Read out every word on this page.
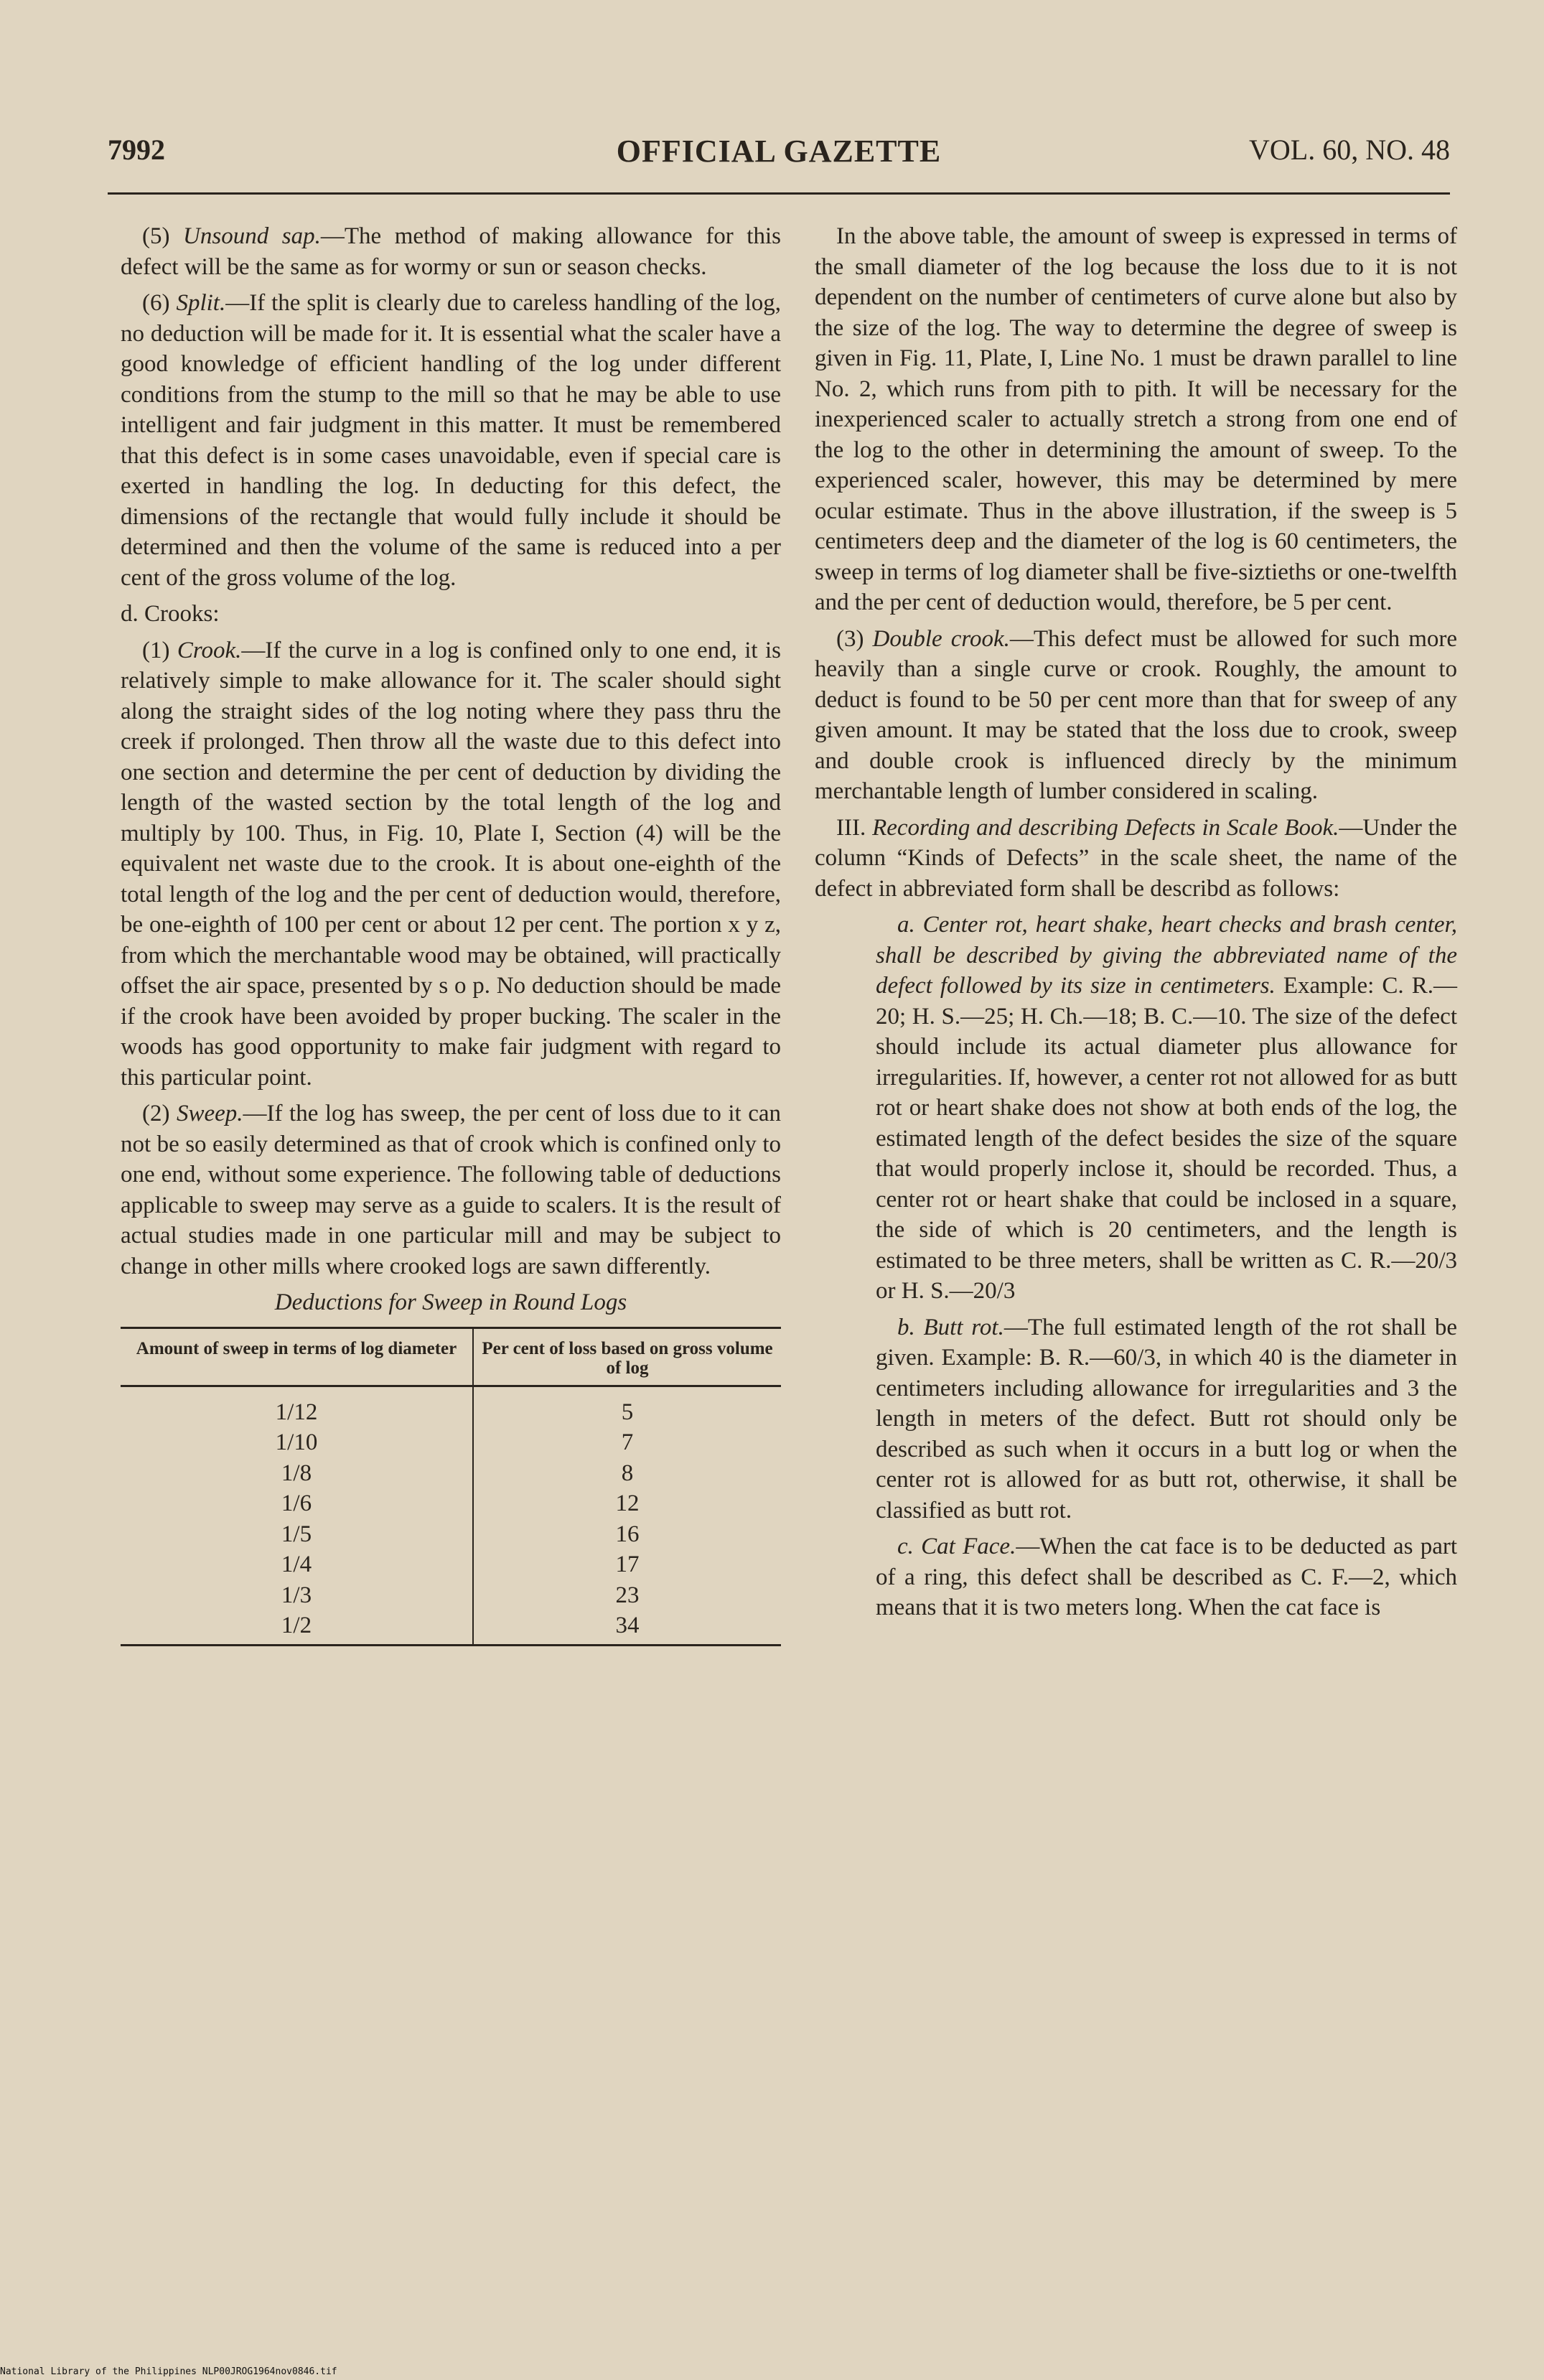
7992	OFFICIAL GAZETTE	VOL. 60, NO. 48

(5) Unsound sap.—The method of making allowance for this defect will be the same as for wormy or sun or season checks.

(6) Split.—If the split is clearly due to careless handling of the log, no deduction will be made for it. It is essential what the scaler have a good knowledge of efficient handling of the log under different conditions from the stump to the mill so that he may be able to use intelligent and fair judgment in this matter. It must be remembered that this defect is in some cases unavoidable, even if special care is exerted in handling the log. In deducting for this defect, the dimensions of the rectangle that would fully include it should be determined and then the volume of the same is reduced into a per cent of the gross volume of the log.

d. Crooks:

(1) Crook.—If the curve in a log is confined only to one end, it is relatively simple to make allowance for it. The scaler should sight along the straight sides of the log noting where they pass thru the creek if prolonged. Then throw all the waste due to this defect into one section and determine the per cent of deduction by dividing the length of the wasted section by the total length of the log and multiply by 100. Thus, in Fig. 10, Plate I, Section (4) will be the equivalent net waste due to the crook. It is about one-eighth of the total length of the log and the per cent of deduction would, therefore, be one-eighth of 100 per cent or about 12 per cent. The portion x y z, from which the merchantable wood may be obtained, will practically offset the air space, presented by s o p. No deduction should be made if the crook have been avoided by proper bucking. The scaler in the woods has good opportunity to make fair judgment with regard to this particular point.

(2) Sweep.—If the log has sweep, the per cent of loss due to it can not be so easily determined as that of crook which is confined only to one end, without some experience. The following table of deductions applicable to sweep may serve as a guide to scalers. It is the result of actual studies made in one particular mill and may be subject to change in other mills where crooked logs are sawn differently.

Deductions for Sweep in Round Logs
Amount of sweep in terms of log diameter	Per cent of loss based on gross volume of log
1/12	5
1/10	7
1/8	8
1/6	12
1/5	16
1/4	17
1/3	23
1/2	34

In the above table, the amount of sweep is expressed in terms of the small diameter of the log because the loss due to it is not dependent on the number of centimeters of curve alone but also by the size of the log. The way to determine the degree of sweep is given in Fig. 11, Plate, I, Line No. 1 must be drawn parallel to line No. 2, which runs from pith to pith. It will be necessary for the inexperienced scaler to actually stretch a strong from one end of the log to the other in determining the amount of sweep. To the experienced scaler, however, this may be determined by mere ocular estimate. Thus in the above illustration, if the sweep is 5 centimeters deep and the diameter of the log is 60 centimeters, the sweep in terms of log diameter shall be five-siztieths or one-twelfth and the per cent of deduction would, therefore, be 5 per cent.

(3) Double crook.—This defect must be allowed for such more heavily than a single curve or crook. Roughly, the amount to deduct is found to be 50 per cent more than that for sweep of any given amount. It may be stated that the loss due to crook, sweep and double crook is influenced direcly by the minimum merchantable length of lumber considered in scaling.

III. Recording and describing Defects in Scale Book.—Under the column “Kinds of Defects” in the scale sheet, the name of the defect in abbreviated form shall be describd as follows:

a. Center rot, heart shake, heart checks and brash center, shall be described by giving the abbreviated name of the defect followed by its size in centimeters. Example: C. R.—20; H. S.—25; H. Ch.—18; B. C.—10. The size of the defect should include its actual diameter plus allowance for irregularities. If, however, a center rot not allowed for as butt rot or heart shake does not show at both ends of the log, the estimated length of the defect besides the size of the square that would properly inclose it, should be recorded. Thus, a center rot or heart shake that could be inclosed in a square, the side of which is 20 centimeters, and the length is estimated to be three meters, shall be written as C. R.—20/3 or H. S.—20/3

b. Butt rot.—The full estimated length of the rot shall be given. Example: B. R.—60/3, in which 40 is the diameter in centimeters including allowance for irregularities and 3 the length in meters of the defect. Butt rot should only be described as such when it occurs in a butt log or when the center rot is allowed for as butt rot, otherwise, it shall be classified as butt rot.

c. Cat Face.—When the cat face is to be deducted as part of a ring, this defect shall be described as C. F.—2, which means that it is two meters long. When the cat face is

National Library of the Philippines NLP00JROG1964nov0846.tif
